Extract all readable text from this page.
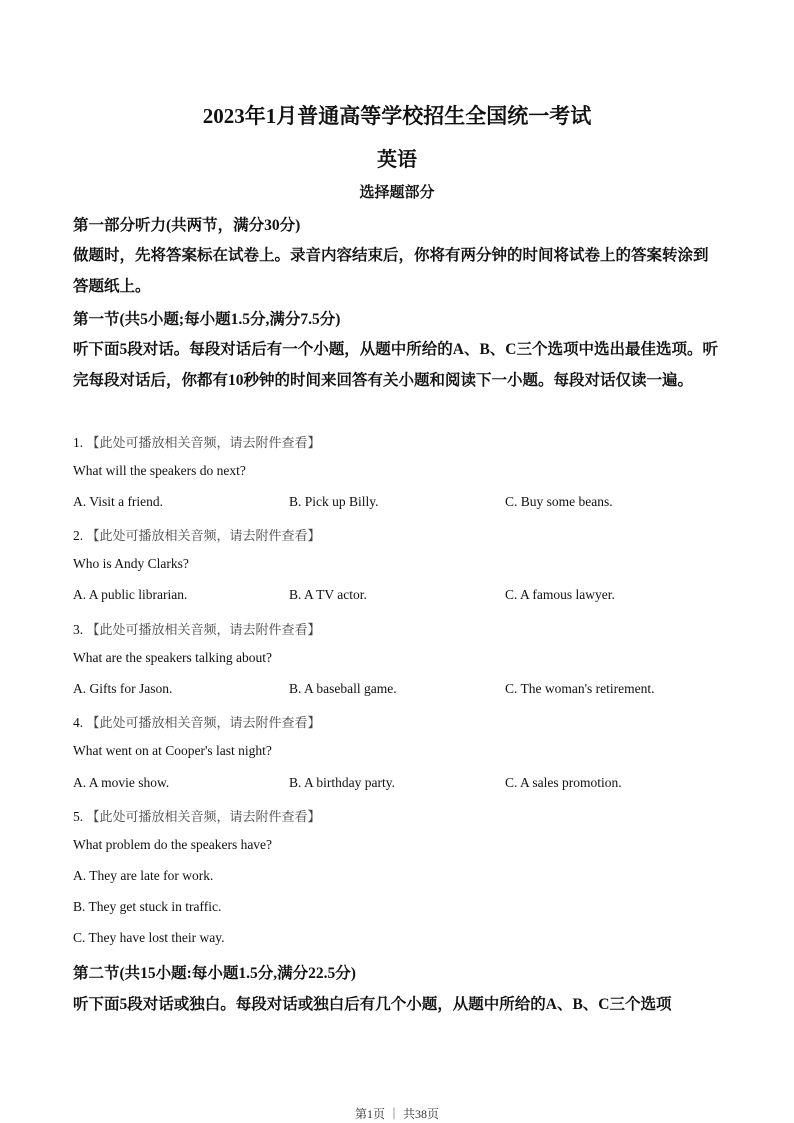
2023年1月普通高等学校招生全国统一考试
英语
选择题部分
第一部分听力(共两节，满分30分)
做题时，先将答案标在试卷上。录音内容结束后，你将有两分钟的时间将试卷上的答案转涂到答题纸上。
第一节(共5小题;每小题1.5分,满分7.5分)
听下面5段对话。每段对话后有一个小题，从题中所给的A、B、C三个选项中选出最佳选项。听完每段对话后，你都有10秒钟的时间来回答有关小题和阅读下一小题。每段对话仅读一遍。
1. 【此处可播放相关音频，请去附件查看】
What will the speakers do next?
A. Visit a friend.	B. Pick up Billy.	C. Buy some beans.
2. 【此处可播放相关音频，请去附件查看】
Who is Andy Clarks?
A. A public librarian.	B. A TV actor.	C. A famous lawyer.
3. 【此处可播放相关音频，请去附件查看】
What are the speakers talking about?
A. Gifts for Jason.	B. A baseball game.	C. The woman's retirement.
4. 【此处可播放相关音频，请去附件查看】
What went on at Cooper's last night?
A. A movie show.	B. A birthday party.	C. A sales promotion.
5. 【此处可播放相关音频，请去附件查看】
What problem do the speakers have?
A. They are late for work.
B. They get stuck in traffic.
C. They have lost their way.
第二节(共15小题:每小题1.5分,满分22.5分)
听下面5段对话或独白。每段对话或独白后有几个小题，从题中所给的A、B、C三个选项
第1页 ｜ 共38页
